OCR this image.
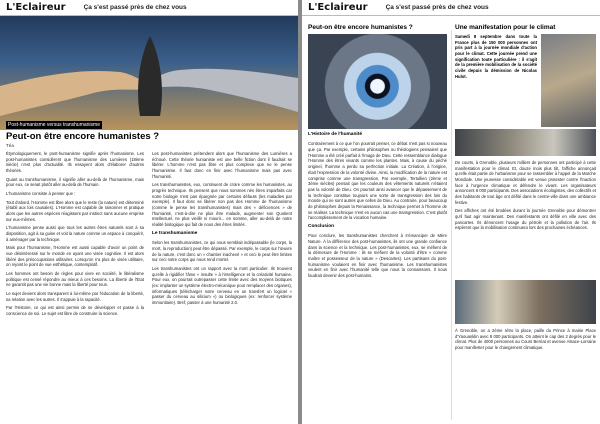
L'Eclaireur	Ça s'est passé près de chez vous
Post-humanisme versus transhumanisme
Peut-on être encore humanistes ?
Téa

Étymologiquement, le post-humanisme signifie après l'humanisme. Les post-humanistes considèrent que l'humanisme des Lumières (18ème siècle) n'est plus d'actualité. Ils essayent alors d'élaborer d'autres théories.

Quant au transhumanisme, il signifie aller au-delà de l'humanisme, mais pour eux, ce serait plutôt aller au-delà de l'humain.

L'humanisme consiste à penser que :

Tout d'abord, l'Homme est libre alors que le reste (la nature) est déterminé (établi aux lois causales). L'Homme est capable de raisonner et pratique alors que les autres espèces réagissent par instinct sans aucune emprise sur eux-mêmes.

L'humanisme pense aussi que tous les autres êtres naturels sont à sa disposition, agit à sa guise et voit la nature comme un espace à conquérir, à aménager par la technique.

Mais pour l'humanisme, l'Homme est aussi capable d'avoir un point de vue désintéressé sur le monde en ayant une visée cognitive. Il est alors libéré des préoccupations utilitaires. Lorsqu'on n'a plus de visée utilitaire, on rejoint le point de vue esthétique, contemplatif.

Les hommes ont besoin de règles pour vivre en société, le libéralisme politique est censé répondre au mieux à ces besoins. La liberté de l'Etat ne garantit pas une vie bonne mais la liberté pour tous.

Le sujet devient alors transparent à lui-même par l'éducation de la liberté, sa relation avec les autres. Il s'appuie à la rapacité.

Par l'Histoire, ce qui est ainsi permis de se développer et passe à la conscience de soi. Le sujet est libre de construire la science.

Les post-humanistes prétendent alors que l'humanisme des Lumières a échoué. Cette théorie humaniste est une belle fiction dont il faudrait se libérer. L'homme n'est pas libre et plus complexe que ne le pense l'humanisme. Il faut donc en finir avec l'humanisme mais pas avec l'humanité.

Les transhumanistes, eux, continuent de croire comme les humanistes, au progrès technique. Ils pensent que nous sommes nés êtres imparfaits car notre biologie n'est pas épargnée par certains défauts (les maladies par exemple). Il faut donc se libérer non pas des Homme de l'humanisme (comme le pense les transhumanistes) mais des « déficiences » de l'humanité, c'est-à-dire ne plus être malade, augmenter son Quotient Intellectuel, ne plus vieillir ni mourir... en somme, aller au-delà de notre réalité biologique qui fait de nous des êtres limités.

Le transhumanisme

Selon les transhumanistes, ce qui nous semblait indépassable (le corps, la mort, la reproduction) peut être dépassé. Par exemple, le corps sur l'œuvre de la nature, c'est donc un « chantier inachevé » et ceci le peut être limites sur ceci notre corps qui nous rend mortel.

Les transhumanistes ont un rapport avec la mort particulier. Ils trouvent qu'elle à rigidifier l'âme « insulte » à l'intelligence et la créativité humaine. Pour eux, on pourrait outrepasser cette limite avec des moyens biotiques (ex: implanter un système électro-mécanique pour remplacer des organes), informatiques (télécharger notre cerveau en un transfert un logiciel « passer du cerveau au silicium ») ou biologiques (ex: renforcer système immunitaire). Bref, passer à une humanité 2.0.

L'Eclaireur	Ça s'est passé près de chez vous
Peut-on être encore humanistes ?	Une manifestation pour le climat

L'Histoire de l'humanité

Contrairement à ce que l'on pourrait penser, ce débat n'est pas si nouveau que ça. Par exemple, certains philosophes ou théologiens pensaient que l'Homme a été créé parfait à l'image de Dieu. Cette ressemblance dialogue l'Homme des êtres vivants comme les plantes. Mais, à cause du péché originel, l'homme a perdu sa perfection initiale. La Création, à l'origine, était l'expression de la volonté divine. Ainsi, la modification de la nature est comprise comme une transgression. Par exemple, Tertullien (2ème et 3ème siècles) pensait que les couleurs des vêtements naturels n'étaient pas la volonté de Dieu. On pourrait ainsi avancer que le dépassement de la technique constitue toujours une sorte de transgression des lois du monde qui ne sont autres que celles de Dieu. Au contraire, pour beaucoup de philosophes depuis la Renaissance, la technique permet à l'homme de se réaliser. La technique n'est en aucun cas une transgression. C'est plutôt l'accomplissement de la vocation humaine.

Conclusion

Pour conclure, les transhumanistes cherchent à s'émanciper de Mère Nature. À la différence des post-humanistes, ils ont une grande confiance dans la science et la technique. Les post-humanistes, eux, se méfient de la démesure de l'Homme : ils se méfient de la volonté d'être « comme maître et possesseur de la nature » (Descartes). Les partisans du post-humanisme voulaient en finir avec l'humanisme. Les transhumanistes veulent en finir avec l'humanité telle que nous la connaissons. Il nous faudrait devenir des post-humains.

Samedi 8 septembre dans toute la France plus de 150 000 personnes ont pris part à la journée mondiale d'action pour le climat. Cette journée prend une signification toute particulière : il s'agit de la première mobilisation de la société civile depuis la démission de Nicolas Hulot.

De courts, à Grenoble, plusieurs milliers de personnes ont participé à cette manifestation pour le climat. Et, douze mois plus tôt, l'affiche annonçait qu'elle était partie de l'urbanisme pour se rassembler à l'appel de la Marche Mondiale. Une jeunesse considérable est venue protester contre l'inaction face à l'urgence climatique et défendre le vivant. Les organisateurs annoncent 8 000 participants. Des associations écologistes, des collectifs et des habitants de tout âge ont défilé dans le centre-ville dans une ambiance festive.

Des affiches ont été brodées durant la journée Grenoble pour démontrer qu'il faut agir maintenant. Des manifestants ont défilé en ville avec des pancartes. Ils dénoncent l'usage du pétrole et la pollution de l'air. Ils espèrent que la mobilisation continuera lors des prochaines échéances.

À Grenoble, on a 2ème rétro la place, paille du Prince à mairie Place d'Yaouanklin avec 8 000 participants. On atteint le cap des 2 degrés pour le climat. Plus de 4000 personnes au Cours Berriat et avenue Alsace-Lorraine pour manifester pour le changement climatique.
